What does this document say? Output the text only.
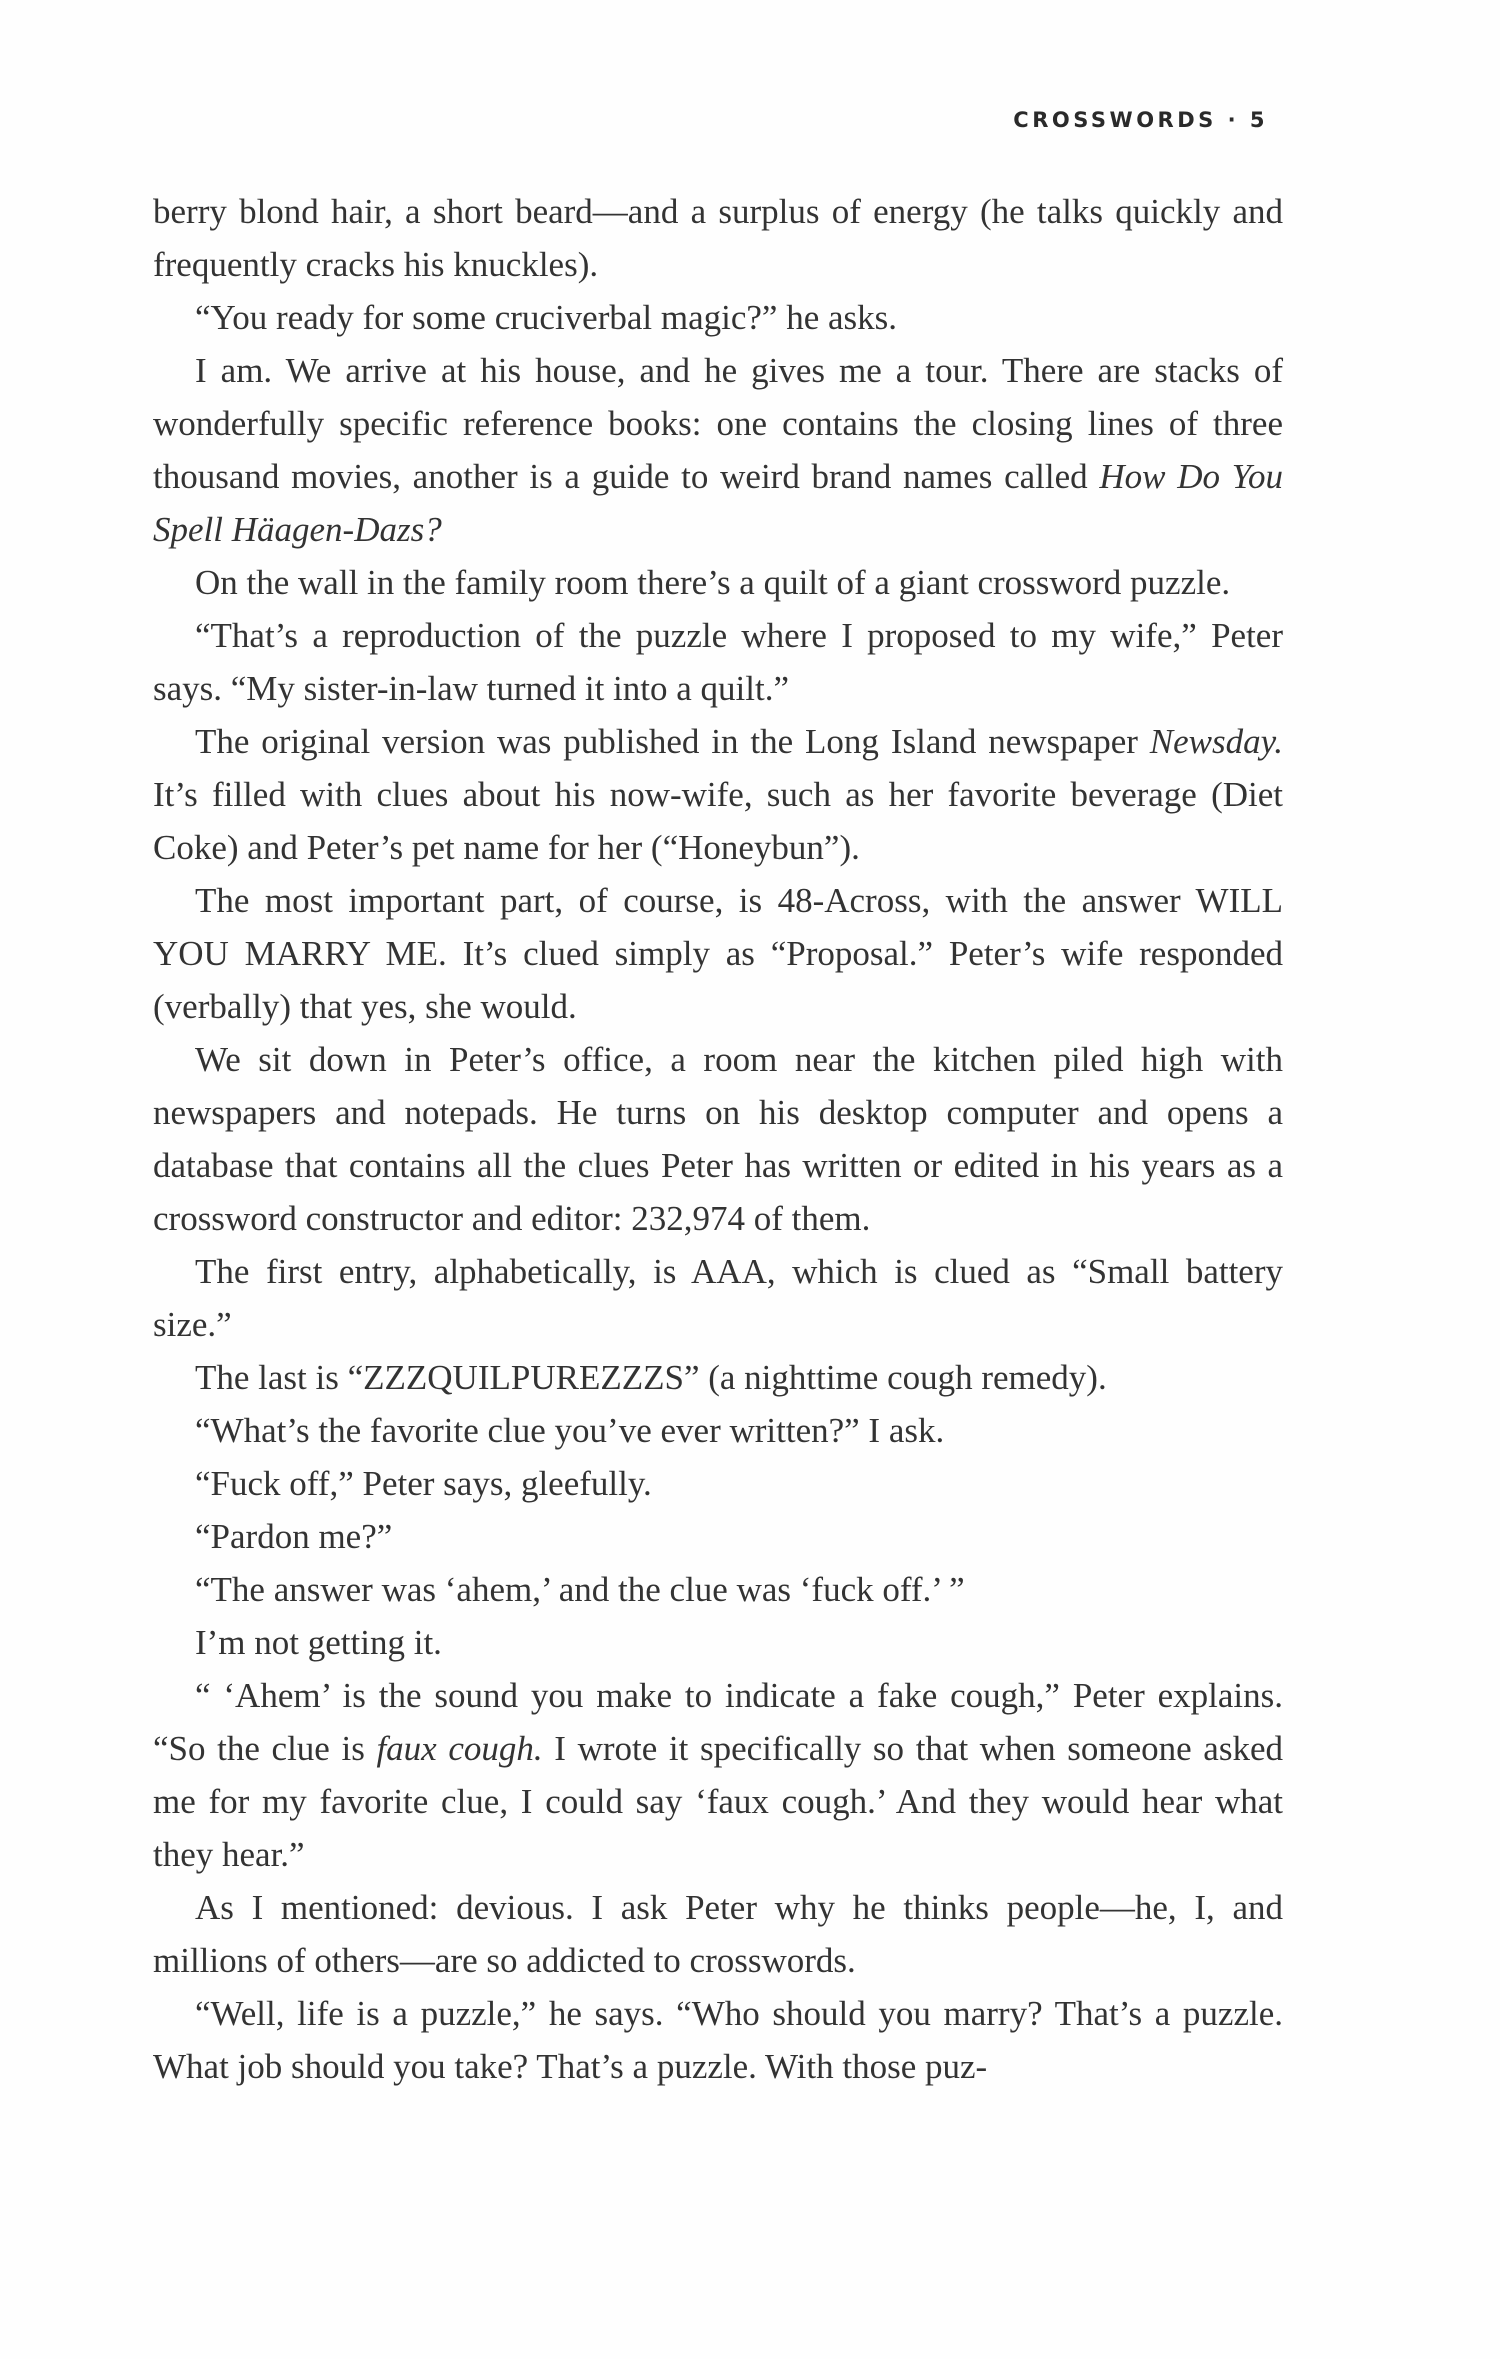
CROSSWORDS · 5

berry blond hair, a short beard—and a surplus of energy (he talks quickly and frequently cracks his knuckles).

“You ready for some cruciverbal magic?” he asks.

I am. We arrive at his house, and he gives me a tour. There are stacks of wonderfully specific reference books: one contains the closing lines of three thousand movies, another is a guide to weird brand names called How Do You Spell Häagen-Dazs?

On the wall in the family room there’s a quilt of a giant crossword puzzle.

“That’s a reproduction of the puzzle where I proposed to my wife,” Peter says. “My sister-in-law turned it into a quilt.”

The original version was published in the Long Island newspaper Newsday. It’s filled with clues about his now-wife, such as her favorite beverage (Diet Coke) and Peter’s pet name for her (“Honeybun”).

The most important part, of course, is 48-Across, with the answer WILL YOU MARRY ME. It’s clued simply as “Proposal.” Peter’s wife responded (verbally) that yes, she would.

We sit down in Peter’s office, a room near the kitchen piled high with newspapers and notepads. He turns on his desktop computer and opens a database that contains all the clues Peter has written or edited in his years as a crossword constructor and editor: 232,974 of them.

The first entry, alphabetically, is AAA, which is clued as “Small battery size.”

The last is “ZZZQUILPUREZZZS” (a nighttime cough remedy).

“What’s the favorite clue you’ve ever written?” I ask.

“Fuck off,” Peter says, gleefully.

“Pardon me?”

“The answer was ‘ahem,’ and the clue was ‘fuck off.’ ”

I’m not getting it.

“ ‘Ahem’ is the sound you make to indicate a fake cough,” Peter explains. “So the clue is faux cough. I wrote it specifically so that when someone asked me for my favorite clue, I could say ‘faux cough.’ And they would hear what they hear.”

As I mentioned: devious. I ask Peter why he thinks people—he, I, and millions of others—are so addicted to crosswords.

“Well, life is a puzzle,” he says. “Who should you marry? That’s a puzzle. What job should you take? That’s a puzzle. With those puz-
